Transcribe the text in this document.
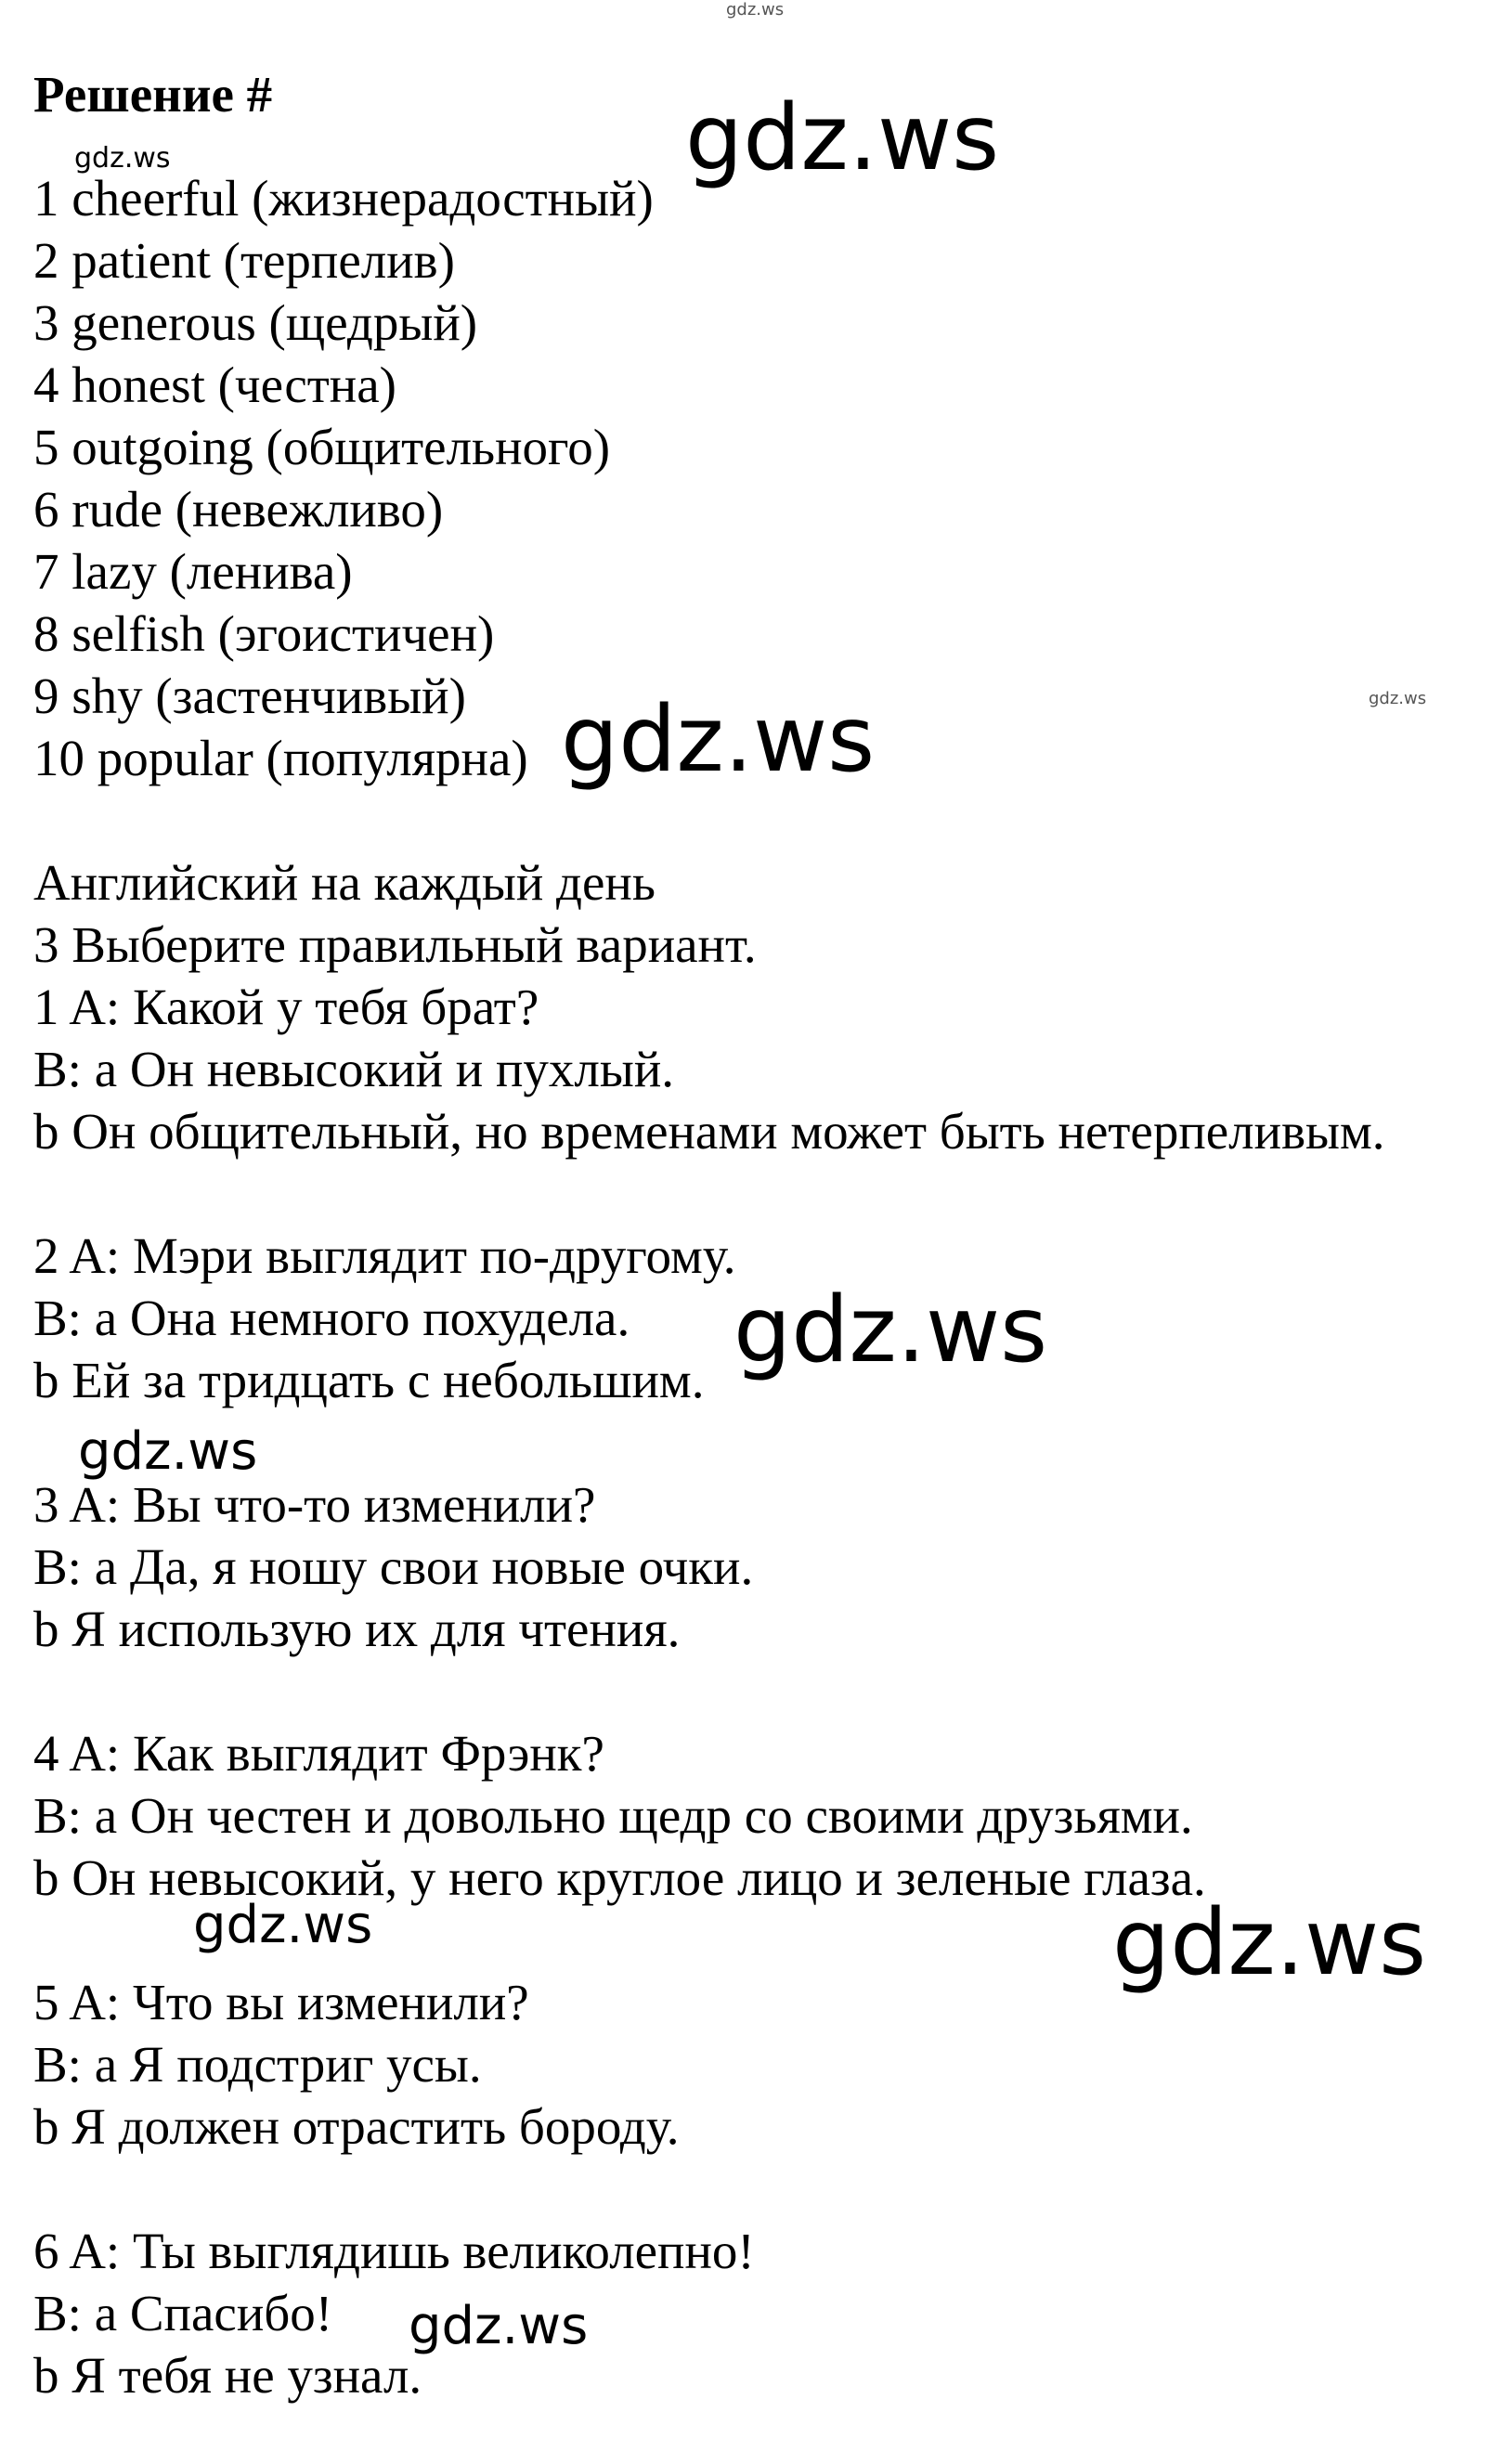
gdz.ws
Решение #
1 cheerful (жизнерадостный)
2 patient (терпелив)
3 generous (щедрый)
4 honest (честна)
5 outgoing (общительного)
6 rude (невежливо)
7 lazy (ленива)
8 selfish (эгоистичен)
9 shy (застенчивый)
10 popular (популярна)
Английский на каждый день
3 Выберите правильный вариант.
1 A: Какой у тебя брат?
B: а Он невысокий и пухлый.
b Он общительный, но временами может быть нетерпеливым.
2 A: Мэри выглядит по-другому.
B: а Она немного похудела.
b Ей за тридцать с небольшим.
3 A: Вы что-то изменили?
B: а Да, я ношу свои новые очки.
b Я использую их для чтения.
4 A: Как выглядит Фрэнк?
B: а Он честен и довольно щедр со своими друзьями.
b Он невысокий, у него круглое лицо и зеленые глаза.
5 A: Что вы изменили?
B: а Я подстриг усы.
b Я должен отрастить бороду.
6 A: Ты выглядишь великолепно!
B: а Спасибо!
b Я тебя не узнал.
gdz.ws	gdz.ws
gdz.ws
gdz.ws
gdz.ws
gdz.ws
gdz.ws	gdz.ws
gdz.ws
